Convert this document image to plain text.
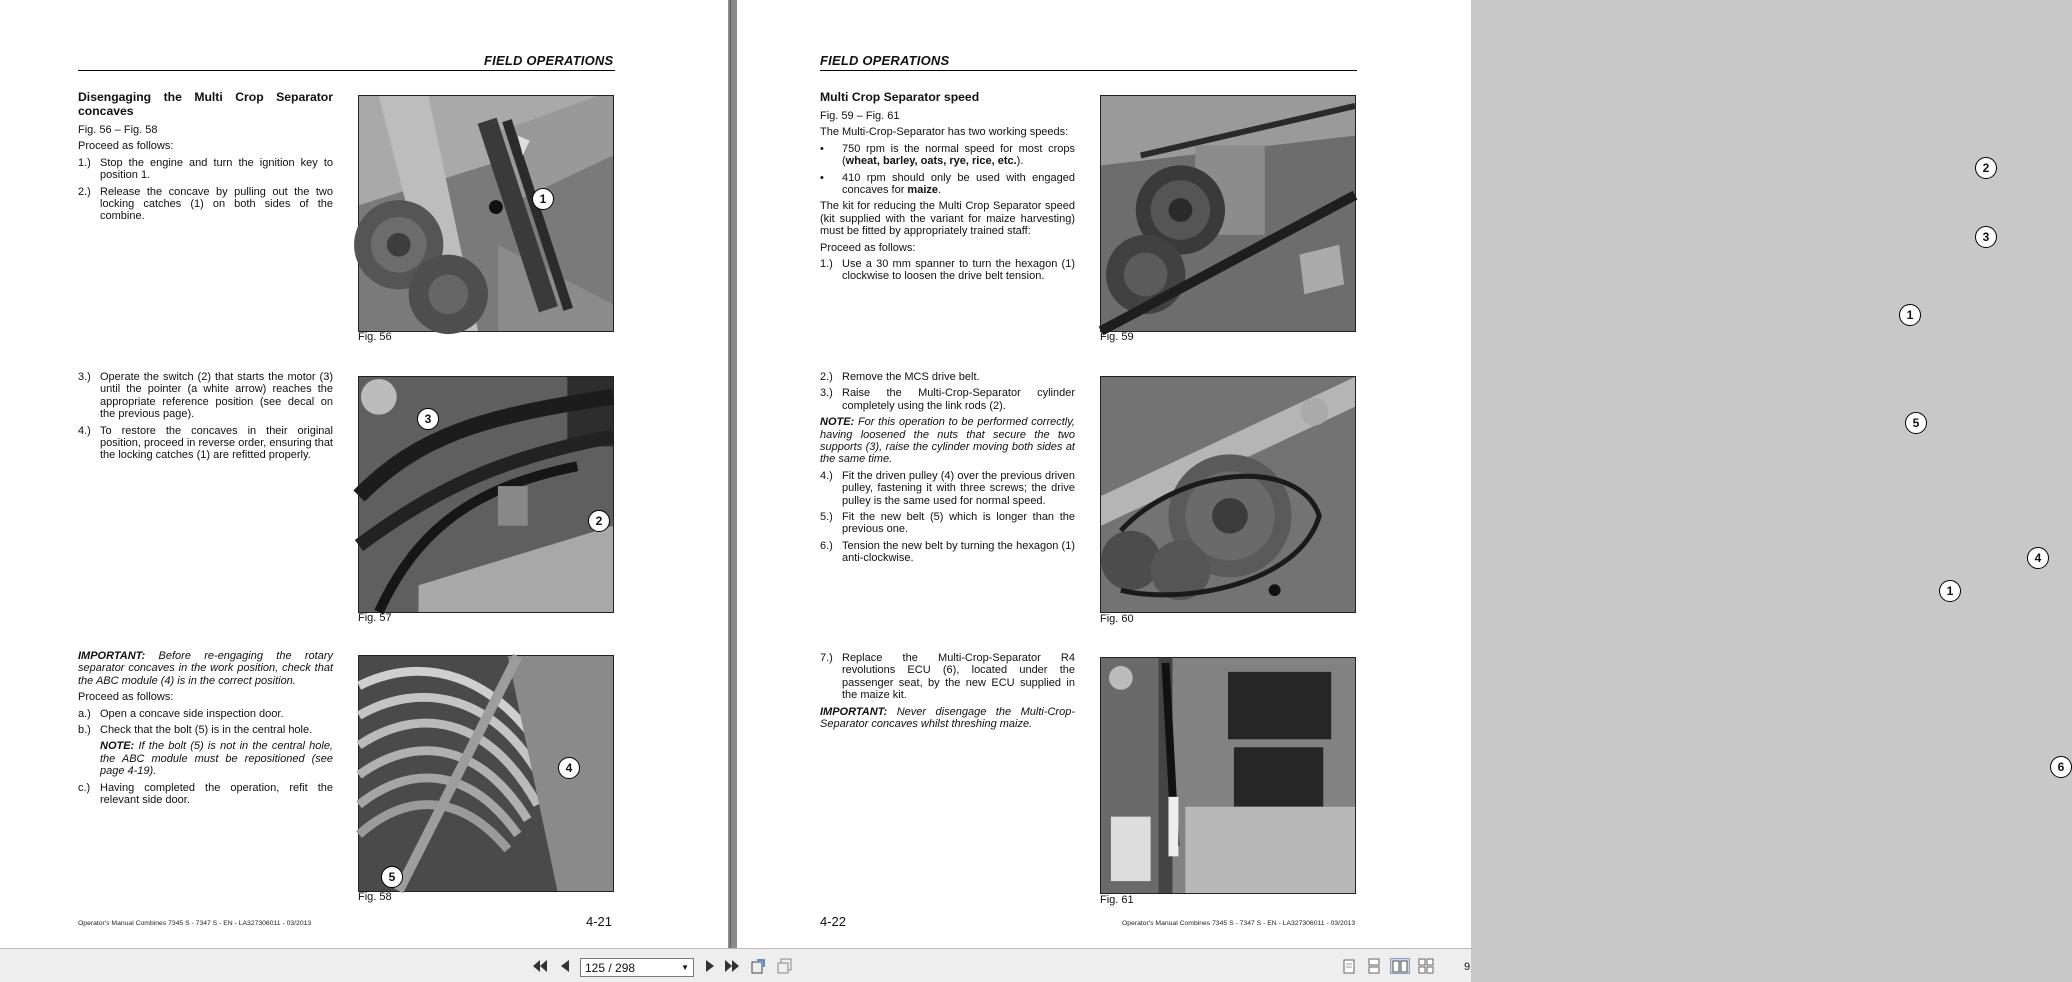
FIELD OPERATIONS

Disengaging the Multi Crop Separator concaves

Fig. 56 – Fig. 58

Proceed as follows:

1.) Stop the engine and turn the ignition key to position 1.
2.) Release the concave by pulling out the two locking catches (1) on both sides of the combine.
3.) Operate the switch (2) that starts the motor (3) until the pointer (a white arrow) reaches the appropriate reference position (see decal on the previous page).
4.) To restore the concaves in their original position, proceed in reverse order, ensuring that the locking catches (1) are refitted properly.

IMPORTANT: Before re-engaging the rotary separator concaves in the work position, check that the ABC module (4) is in the correct position.

Proceed as follows:

a.) Open a concave side inspection door.
b.) Check that the bolt (5) is in the central hole.

NOTE: If the bolt (5) is not in the central hole, the ABC module must be repositioned (see page 4-19).

c.) Having completed the operation, refit the relevant side door.
1
Fig. 56
3
2
Fig. 57
4
5
Fig. 58
Operator's Manual Combines 7345 S - 7347 S - EN - LA327306011 - 03/2013	4-21
FIELD OPERATIONS

Multi Crop Separator speed

Fig. 59 – Fig. 61

The Multi-Crop-Separator has two working speeds:

•	750 rpm is the normal speed for most crops (wheat, barley, oats, rye, rice, etc.).
•	410 rpm should only be used with engaged concaves for maize.

The kit for reducing the Multi Crop Separator speed (kit supplied with the variant for maize harvesting) must be fitted by appropriately trained staff:

Proceed as follows:

1.) Use a 30 mm spanner to turn the hexagon (1) clockwise to loosen the drive belt tension.
2.) Remove the MCS drive belt.
3.) Raise the Multi-Crop-Separator cylinder completely using the link rods (2).

NOTE: For this operation to be performed correctly, having loosened the nuts that secure the two supports (3), raise the cylinder moving both sides at the same time.

4.) Fit the driven pulley (4) over the previous driven pulley, fastening it with three screws; the drive pulley is the same used for normal speed.
5.) Fit the new belt (5) which is longer than the previous one.
6.) Tension the new belt by turning the hexagon (1) anti-clockwise.
7.) Replace the Multi-Crop-Separator R4 revolutions ECU (6), located under the passenger seat, by the new ECU supplied in the maize kit.

IMPORTANT: Never disengage the Multi-Crop-Separator concaves whilst threshing maize.

2
3
1
Fig. 59
5
4
1
Fig. 60
6
Fig. 61
4-22	Operator's Manual Combines 7345 S - 7347 S - EN - LA327306011 - 03/2013
125 / 298	▼	9
